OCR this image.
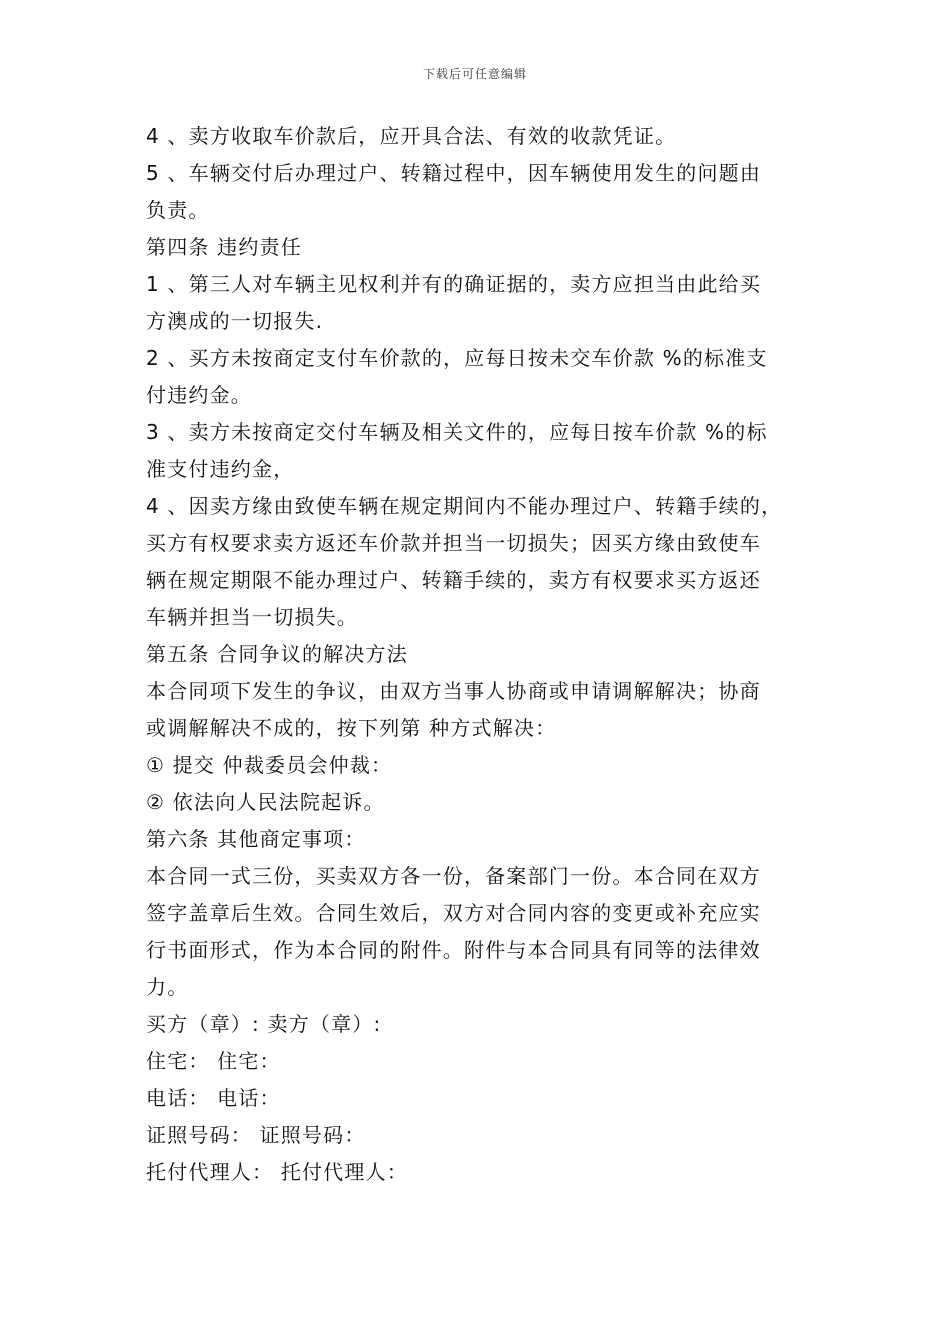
下载后可任意编辑
4 、卖方收取车价款后，应开具合法、有效的收款凭证。
5 、车辆交付后办理过户、转籍过程中，因车辆使用发生的问题由
负责。
第四条 违约责任
1 、第三人对车辆主见权利并有的确证据的，卖方应担当由此给买
方澳成的一切报失.
2 、买方未按商定支付车价款的，应每日按未交车价款 %的标准支
付违约金。
3 、卖方未按商定交付车辆及相关文件的，应每日按车价款 %的标
准支付违约金，
4 、因卖方缘由致使车辆在规定期间内不能办理过户、转籍手续的，
买方有权要求卖方返还车价款并担当一切损失；因买方缘由致使车
辆在规定期限不能办理过户、转籍手续的，卖方有权要求买方返还
车辆并担当一切损失。
第五条 合同争议的解决方法
本合同项下发生的争议，由双方当事人协商或申请调解解决；协商
或调解解决不成的，按下列第 种方式解决：
① 提交 仲裁委员会仲裁：
② 依法向人民法院起诉。
第六条 其他商定事项：
本合同一式三份，买卖双方各一份，备案部门一份。本合同在双方
签字盖章后生效。合同生效后，双方对合同内容的变更或补充应实
行书面形式，作为本合同的附件。附件与本合同具有同等的法律效
力。
买方（章）: 卖方（章）:
住宅： 住宅：
电话： 电话：
证照号码： 证照号码：
托付代理人： 托付代理人：
